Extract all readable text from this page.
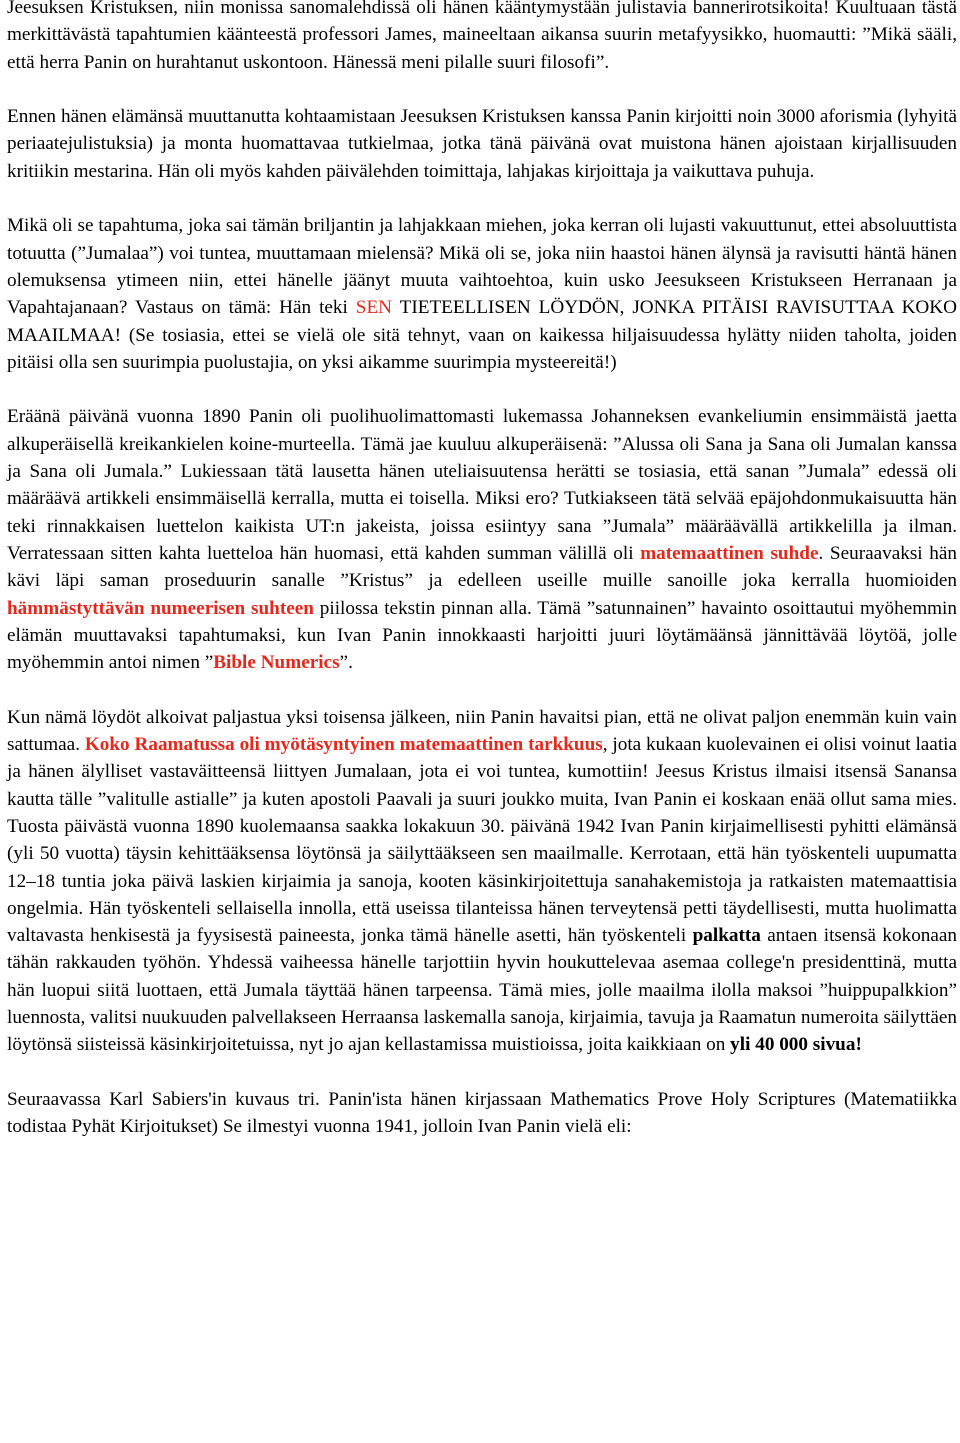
Jeesuksen Kristuksen, niin monissa sanomalehdissä oli hänen kääntymystään julistavia bannerirotsikoita! Kuultuaan tästä merkittävästä tapahtumien käänteestä professori James, maineeltaan aikansa suurin metafyysikko, huomautti: ”Mikä sääli, että herra Panin on hurahtanut uskontoon. Hänessä meni pilalle suuri filosofi”.

Ennen hänen elämänsä muuttanutta kohtaamistaan Jeesuksen Kristuksen kanssa Panin kirjoitti noin 3000 aforismia (lyhyitä periaatejulistuksia) ja monta huomattavaa tutkielmaa, jotka tänä päivänä ovat muistona hänen ajoistaan kirjallisuuden kritiikin mestarina. Hän oli myös kahden päivälehden toimittaja, lahjakas kirjoittaja ja vaikuttava puhuja.

Mikä oli se tapahtuma, joka sai tämän briljantin ja lahjakkaan miehen, joka kerran oli lujasti vakuuttunut, ettei absoluuttista totuutta (”Jumalaa”) voi tuntea, muuttamaan mielensä? Mikä oli se, joka niin haastoi hänen älynsä ja ravisutti häntä hänen olemuksensa ytimeen niin, ettei hänelle jäänyt muuta vaihtoehtoa, kuin usko Jeesukseen Kristukseen Herranaan ja Vapahtajanaan? Vastaus on tämä: Hän teki SEN TIETEELLISEN LÖYDÖN, JONKA PITÄISI RAVISUTTAA KOKO MAAILMAA! (Se tosiasia, ettei se vielä ole sitä tehnyt, vaan on kaikessa hiljaisuudessa hylätty niiden taholta, joiden pitäisi olla sen suurimpia puolustajia, on yksi aikamme suurimpia mysteereitä!)

Eräänä päivänä vuonna 1890 Panin oli puolihuolimattomasti lukemassa Johanneksen evankeliumin ensimmäistä jaetta alkuperäisellä kreikankielen koine-murteella. Tämä jae kuuluu alkuperäisenä: ”Alussa oli Sana ja Sana oli Jumalan kanssa ja Sana oli Jumala.” Lukiessaan tätä lausetta hänen uteliaisuutensa herätti se tosiasia, että sanan ”Jumala” edessä oli määräävä artikkeli ensimmäisellä kerralla, mutta ei toisella. Miksi ero? Tutkiakseen tätä selvää epäjohdonmukaisuutta hän teki rinnakkaisen luettelon kaikista UT:n jakeista, joissa esiintyy sana ”Jumala” määräävällä artikkelilla ja ilman. Verratessaan sitten kahta luetteloa hän huomasi, että kahden summan välillä oli matemaattinen suhde. Seuraavaksi hän kävi läpi saman proseduurin sanalle ”Kristus” ja edelleen useille muille sanoille joka kerralla huomioiden hämmästyttävän numeerisen suhteen piilossa tekstin pinnan alla. Tämä ”satunnainen” havainto osoittautui myöhemmin elämän muuttavaksi tapahtumaksi, kun Ivan Panin innokkaasti harjoitti juuri löytämäänsä jännittävää löytöä, jolle myöhemmin antoi nimen ”Bible Numerics”.

Kun nämä löydöt alkoivat paljastua yksi toisensa jälkeen, niin Panin havaitsi pian, että ne olivat paljon enemmän kuin vain sattumaa. Koko Raamatussa oli myötäsyntyinen matemaattinen tarkkuus, jota kukaan kuolevainen ei olisi voinut laatia ja hänen älylliset vastaväitteensä liittyen Jumalaan, jota ei voi tuntea, kumottiin! Jeesus Kristus ilmaisi itsensä Sanansa kautta tälle ”valitulle astialle” ja kuten apostoli Paavali ja suuri joukko muita, Ivan Panin ei koskaan enää ollut sama mies. Tuosta päivästä vuonna 1890 kuolemaansa saakka lokakuun 30. päivänä 1942 Ivan Panin kirjaimellisesti pyhitti elämänsä (yli 50 vuotta) täysin kehittääksensa löytönsä ja säilyttääkseen sen maailmalle. Kerrotaan, että hän työskenteli uupumatta 12–18 tuntia joka päivä laskien kirjaimia ja sanoja, kooten käsinkirjoitettuja sanahakemistoja ja ratkaisten matemaattisia ongelmia. Hän työskenteli sellaisella innolla, että useissa tilanteissa hänen terveytensä petti täydellisesti, mutta huolimatta valtavasta henkisestä ja fyysisestä paineesta, jonka tämä hänelle asetti, hän työskenteli palkatta antaen itsensä kokonaan tähän rakkauden työhön. Yhdessä vaiheessa hänelle tarjottiin hyvin houkuttelevaa asemaa college'n presidenttinä, mutta hän luopui siitä luottaen, että Jumala täyttää hänen tarpeensa. Tämä mies, jolle maailma ilolla maksoi ”huippupalkkion” luennosta, valitsi nuukuuden palvellakseen Herraansa laskemalla sanoja, kirjaimia, tavuja ja Raamatun numeroita säilyttäen löytönsä siisteissä käsinkirjoitetuissa, nyt jo ajan kellastamissa muistioissa, joita kaikkiaan on yli 40 000 sivua!

Seuraavassa Karl Sabiers'in kuvaus tri. Panin'ista hänen kirjassaan Mathematics Prove Holy Scriptures (Matematiikka todistaa Pyhät Kirjoitukset) Se ilmestyi vuonna 1941, jolloin Ivan Panin vielä eli:
